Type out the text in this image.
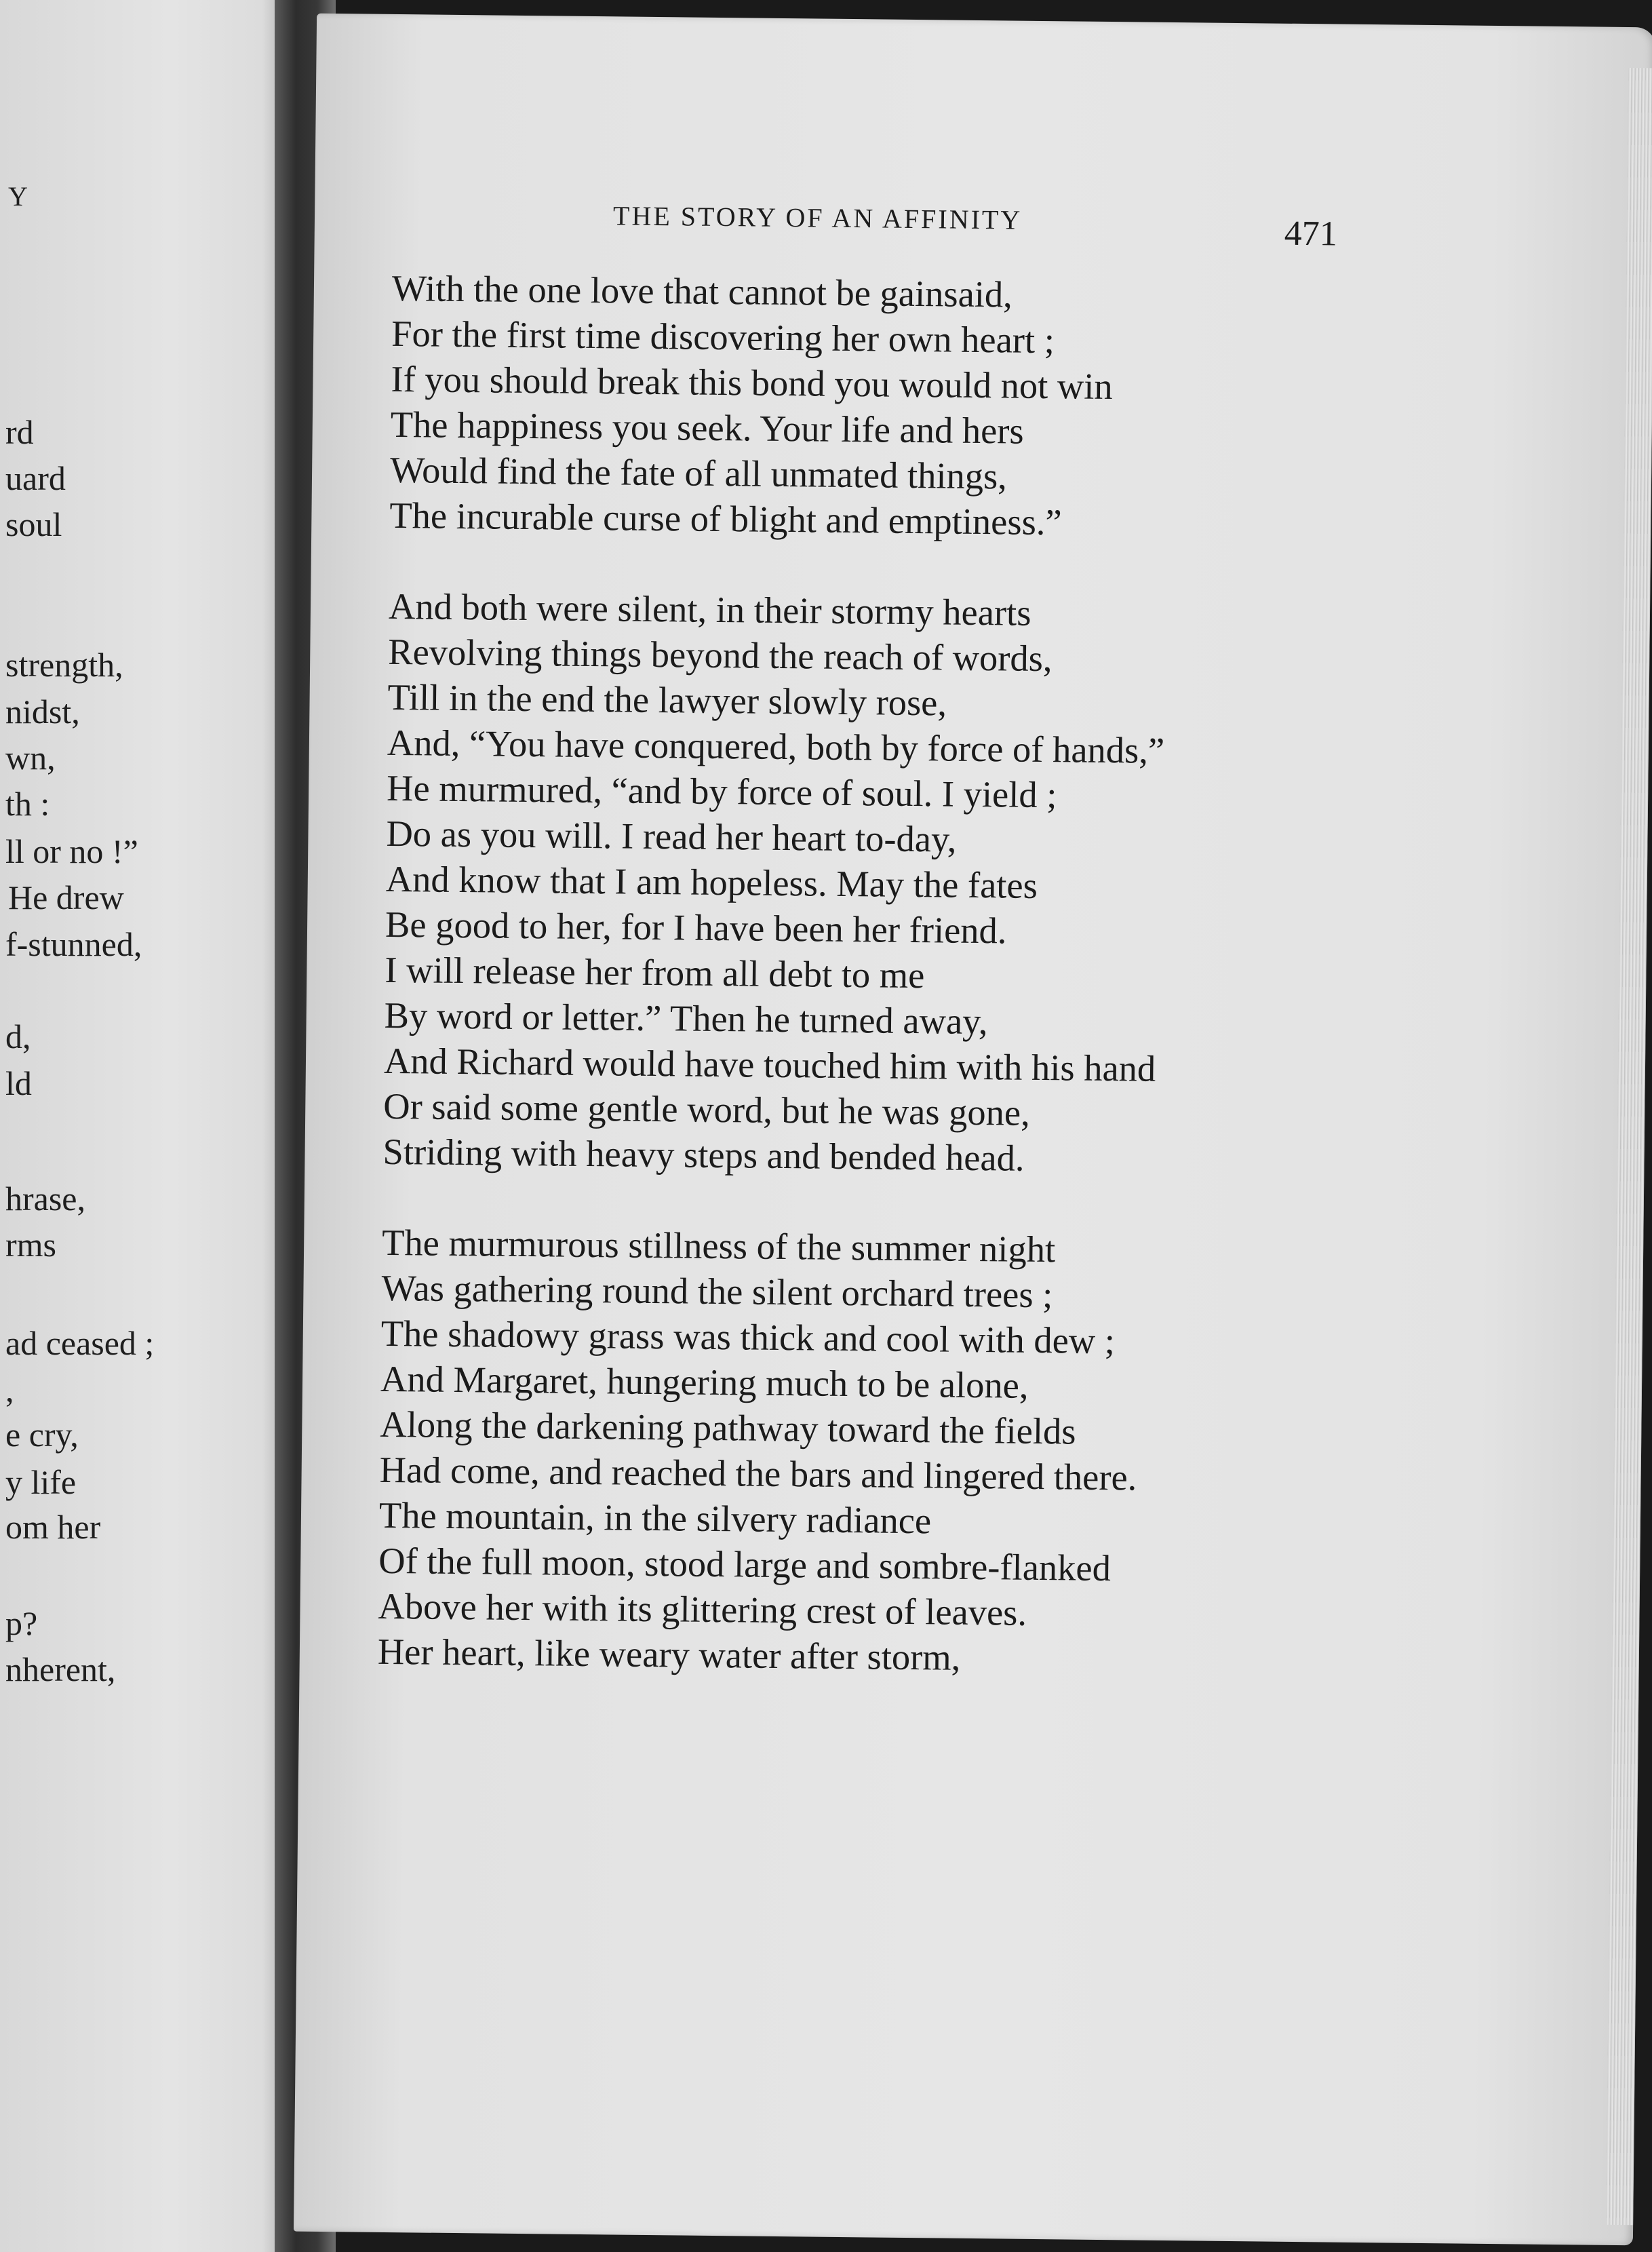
Y
rd
uard
soul
strength,
nidst,
wn,
th :
ll or no !”
He drew
f-stunned,
d,
ld
hrase,
rms
ad ceased ;
,
e cry,
y life
om her
p?
nherent,
THE STORY OF AN AFFINITY	471
With the one love that cannot be gainsaid,
For the first time discovering her own heart ;
If you should break this bond you would not win
The happiness you seek. Your life and hers
Would find the fate of all unmated things,
The incurable curse of blight and emptiness.”
And both were silent, in their stormy hearts
Revolving things beyond the reach of words,
Till in the end the lawyer slowly rose,
And, “You have conquered, both by force of hands,”
He murmured, “and by force of soul. I yield ;
Do as you will. I read her heart to-day,
And know that I am hopeless. May the fates
Be good to her, for I have been her friend.
I will release her from all debt to me
By word or letter.” Then he turned away,
And Richard would have touched him with his hand
Or said some gentle word, but he was gone,
Striding with heavy steps and bended head.
The murmurous stillness of the summer night
Was gathering round the silent orchard trees ;
The shadowy grass was thick and cool with dew ;
And Margaret, hungering much to be alone,
Along the darkening pathway toward the fields
Had come, and reached the bars and lingered there.
The mountain, in the silvery radiance
Of the full moon, stood large and sombre-flanked
Above her with its glittering crest of leaves.
Her heart, like weary water after storm,
